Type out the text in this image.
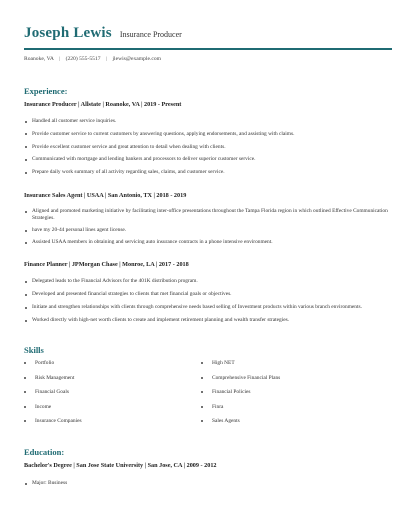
Joseph Lewis Insurance Producer
Roanoke, VA | (220) 555-5517 | jlewis@example.com
Experience:
Insurance Producer | Allstate | Roanoke, VA | 2019 - Present
Handled all customer service inquiries.
Provide customer service to current customers by answering questions, applying endorsements, and assisting with claims.
Provide excellent customer service and great attention to detail when dealing with clients.
Communicated with mortgage and lending bankers and processors to deliver superior customer service.
Prepare daily work summary of all activity regarding sales, claims, and customer service.
Insurance Sales Agent | USAA | San Antonio, TX | 2018 - 2019
Aligned and promoted marketing initiative by facilitating inter-office presentations throughout the Tampa Florida region in which outlined Effective Communication Strategies.
have my 20-44 personal lines agent license.
Assisted USAA members in obtaining and servicing auto insurance contracts in a phone intensive environment.
Finance Planner | JPMorgan Chase | Monroe, LA | 2017 - 2018
Delegated leads to the Financial Advisors for the 401K distribution program.
Developed and presented financial strategies to clients that met financial goals or objectives.
Initiate and strengthen relationships with clients through comprehensive needs based selling of Investment products within various branch environments.
Worked directly with high-net worth clients to create and implement retirement planning and wealth transfer strategies.
Skills
Portfolio
Risk Management
Financial Goals
Income
Insurance Companies
High NET
Comprehensive Financial Plans
Financial Policies
Finra
Sales Agents
Education:
Bachelor's Degree | San Jose State University | San Jose, CA | 2009 - 2012
Major: Business
